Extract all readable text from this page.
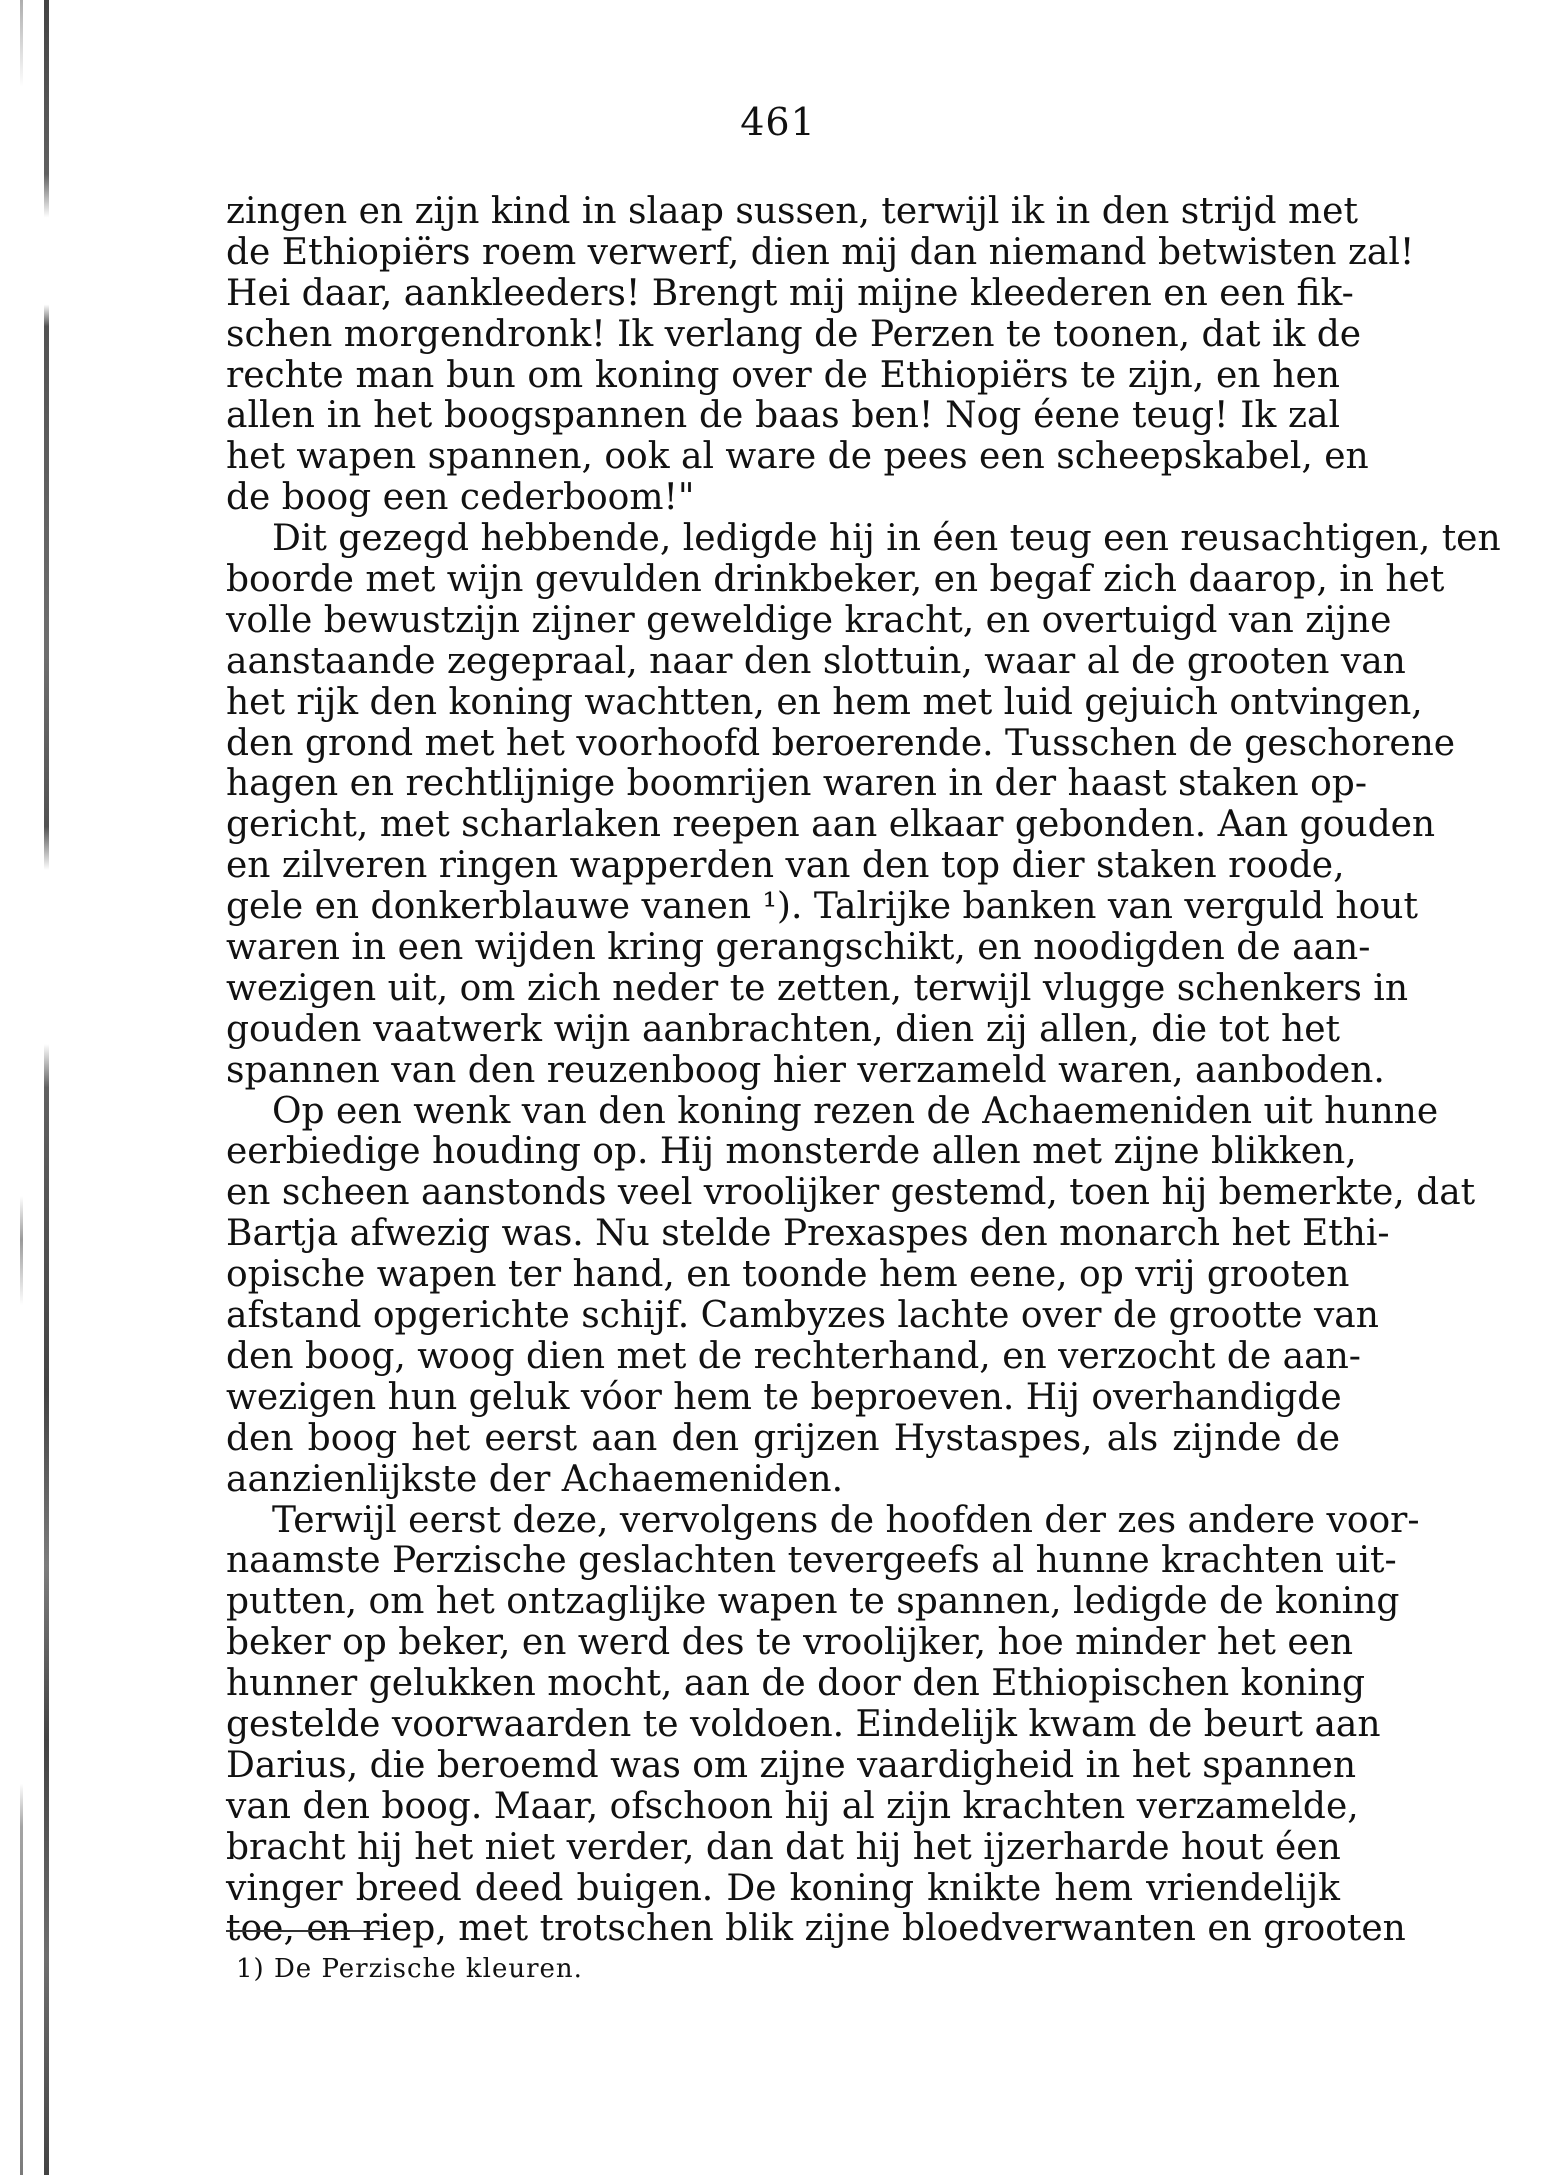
461
zingen en zijn kind in slaap sussen, terwijl ik in den strijd met
de Ethiopiërs roem verwerf, dien mij dan niemand betwisten zal!
Hei daar, aankleeders! Brengt mij mijne kleederen en een fik-
schen morgendronk! Ik verlang de Perzen te toonen, dat ik de
rechte man bun om koning over de Ethiopiërs te zijn, en hen
allen in het boogspannen de baas ben! Nog éene teug! Ik zal
het wapen spannen, ook al ware de pees een scheepskabel, en
de boog een cederboom!"
Dit gezegd hebbende, ledigde hij in éen teug een reusachtigen, ten
boorde met wijn gevulden drinkbeker, en begaf zich daarop, in het
volle bewustzijn zijner geweldige kracht, en overtuigd van zijne
aanstaande zegepraal, naar den slottuin, waar al de grooten van
het rijk den koning wachtten, en hem met luid gejuich ontvingen,
den grond met het voorhoofd beroerende. Tusschen de geschorene
hagen en rechtlijnige boomrijen waren in der haast staken op-
gericht, met scharlaken reepen aan elkaar gebonden. Aan gouden
en zilveren ringen wapperden van den top dier staken roode,
gele en donkerblauwe vanen ¹). Talrijke banken van verguld hout
waren in een wijden kring gerangschikt, en noodigden de aan-
wezigen uit, om zich neder te zetten, terwijl vlugge schenkers in
gouden vaatwerk wijn aanbrachten, dien zij allen, die tot het
spannen van den reuzenboog hier verzameld waren, aanboden.
Op een wenk van den koning rezen de Achaemeniden uit hunne
eerbiedige houding op. Hij monsterde allen met zijne blikken,
en scheen aanstonds veel vroolijker gestemd, toen hij bemerkte, dat
Bartja afwezig was. Nu stelde Prexaspes den monarch het Ethi-
opische wapen ter hand, en toonde hem eene, op vrij grooten
afstand opgerichte schijf. Cambyzes lachte over de grootte van
den boog, woog dien met de rechterhand, en verzocht de aan-
wezigen hun geluk vóor hem te beproeven. Hij overhandigde
den boog het eerst aan den grijzen Hystaspes, als zijnde de
aanzienlijkste der Achaemeniden.
Terwijl eerst deze, vervolgens de hoofden der zes andere voor-
naamste Perzische geslachten tevergeefs al hunne krachten uit-
putten, om het ontzaglijke wapen te spannen, ledigde de koning
beker op beker, en werd des te vroolijker, hoe minder het een
hunner gelukken mocht, aan de door den Ethiopischen koning
gestelde voorwaarden te voldoen. Eindelijk kwam de beurt aan
Darius, die beroemd was om zijne vaardigheid in het spannen
van den boog. Maar, ofschoon hij al zijn krachten verzamelde,
bracht hij het niet verder, dan dat hij het ijzerharde hout éen
vinger breed deed buigen. De koning knikte hem vriendelijk
toe, en riep, met trotschen blik zijne bloedverwanten en grooten
1) De Perzische kleuren.
